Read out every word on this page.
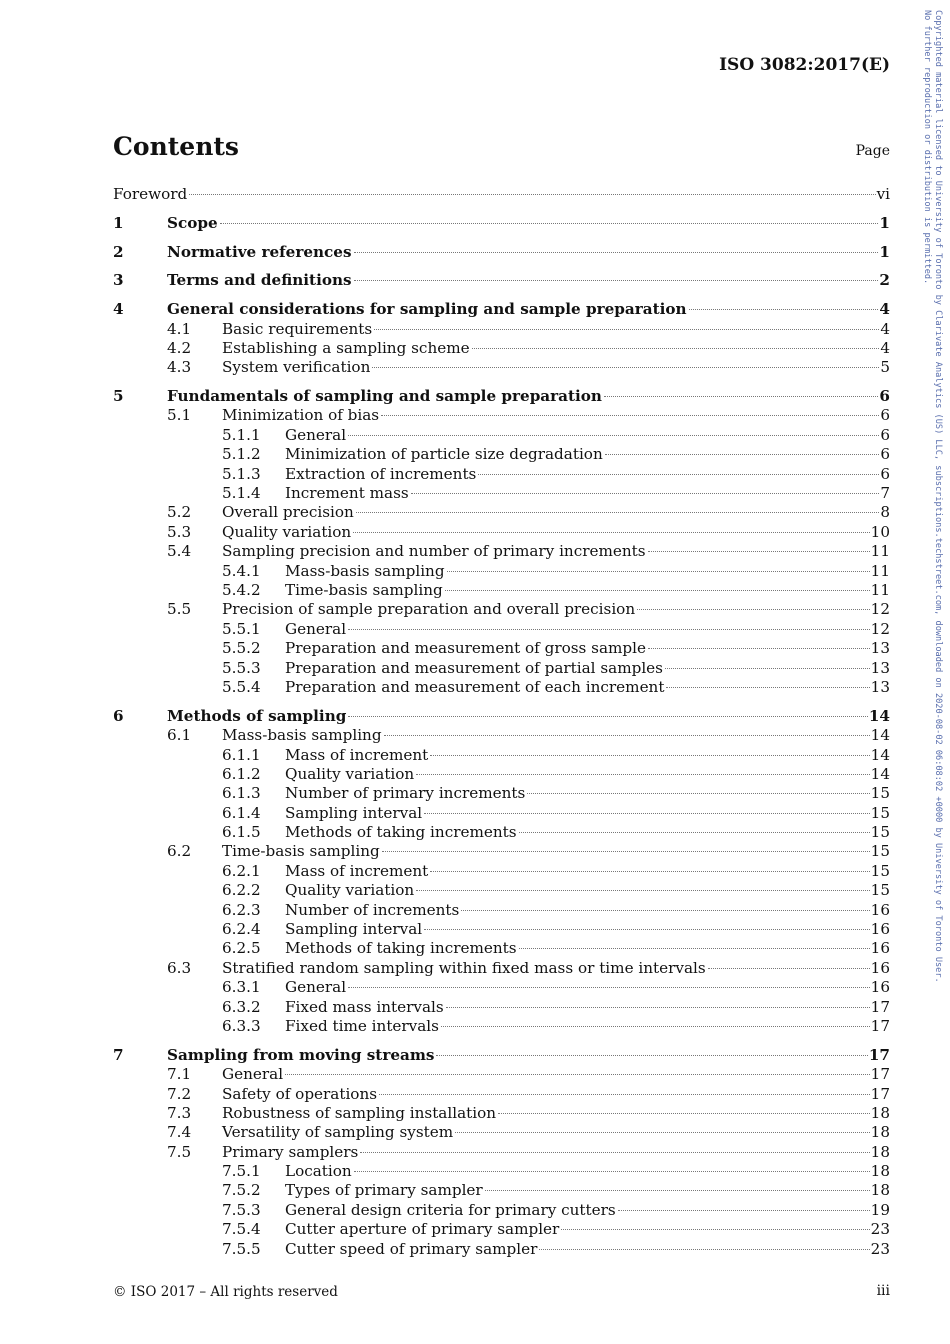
ISO 3082:2017(E)
Contents	Page
Foreword	vi
1	Scope	1
2	Normative references	1
3	Terms and definitions	2
4	General considerations for sampling and sample preparation	4
4.1 Basic requirements	4
4.2 Establishing a sampling scheme	4
4.3 System verification	5
5	Fundamentals of sampling and sample preparation	6
5.1 Minimization of bias	6
5.1.1 General	6
5.1.2 Minimization of particle size degradation	6
5.1.3 Extraction of increments	6
5.1.4 Increment mass	7
5.2 Overall precision	8
5.3 Quality variation	10
5.4 Sampling precision and number of primary increments	11
5.4.1 Mass-basis sampling	11
5.4.2 Time-basis sampling	11
5.5 Precision of sample preparation and overall precision	12
5.5.1 General	12
5.5.2 Preparation and measurement of gross sample	13
5.5.3 Preparation and measurement of partial samples	13
5.5.4 Preparation and measurement of each increment	13
6	Methods of sampling	14
6.1 Mass-basis sampling	14
6.1.1 Mass of increment	14
6.1.2 Quality variation	14
6.1.3 Number of primary increments	15
6.1.4 Sampling interval	15
6.1.5 Methods of taking increments	15
6.2 Time-basis sampling	15
6.2.1 Mass of increment	15
6.2.2 Quality variation	15
6.2.3 Number of increments	16
6.2.4 Sampling interval	16
6.2.5 Methods of taking increments	16
6.3 Stratified random sampling within fixed mass or time intervals	16
6.3.1 General	16
6.3.2 Fixed mass intervals	17
6.3.3 Fixed time intervals	17
7	Sampling from moving streams	17
7.1 General	17
7.2 Safety of operations	17
7.3 Robustness of sampling installation	18
7.4 Versatility of sampling system	18
7.5 Primary samplers	18
7.5.1 Location	18
7.5.2 Types of primary sampler	18
7.5.3 General design criteria for primary cutters	19
7.5.4 Cutter aperture of primary sampler	23
7.5.5 Cutter speed of primary sampler	23
© ISO 2017 – All rights reserved	iii
Copyrighted material licensed to University of Toronto by Clarivate Analytics (US) LLC, subscriptions.techstreet.com, downloaded on 2020-08-02 06:08:02 +0000 by University of Toronto User.
No further reproduction or distribution is permitted.
